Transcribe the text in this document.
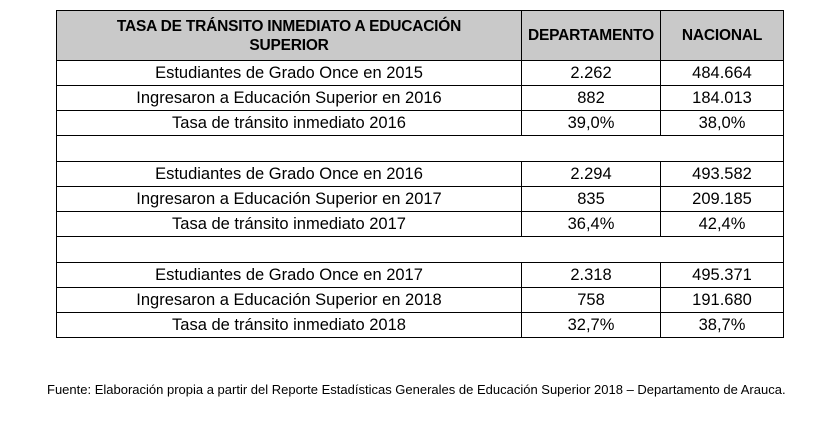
TASA DE TRÁNSITO INMEDIATO A EDUCACIÓN SUPERIOR	DEPARTAMENTO	NACIONAL
Estudiantes de Grado Once en 2015	2.262	484.664
Ingresaron a Educación Superior en 2016	882	184.013
Tasa de tránsito inmediato 2016	39,0%	38,0%

Estudiantes de Grado Once en 2016	2.294	493.582
Ingresaron a Educación Superior en 2017	835	209.185
Tasa de tránsito inmediato 2017	36,4%	42,4%

Estudiantes de Grado Once en 2017	2.318	495.371
Ingresaron a Educación Superior en 2018	758	191.680
Tasa de tránsito inmediato 2018	32,7%	38,7%

Fuente: Elaboración propia a partir del Reporte Estadísticas Generales de Educación Superior 2018 – Departamento de Arauca.
